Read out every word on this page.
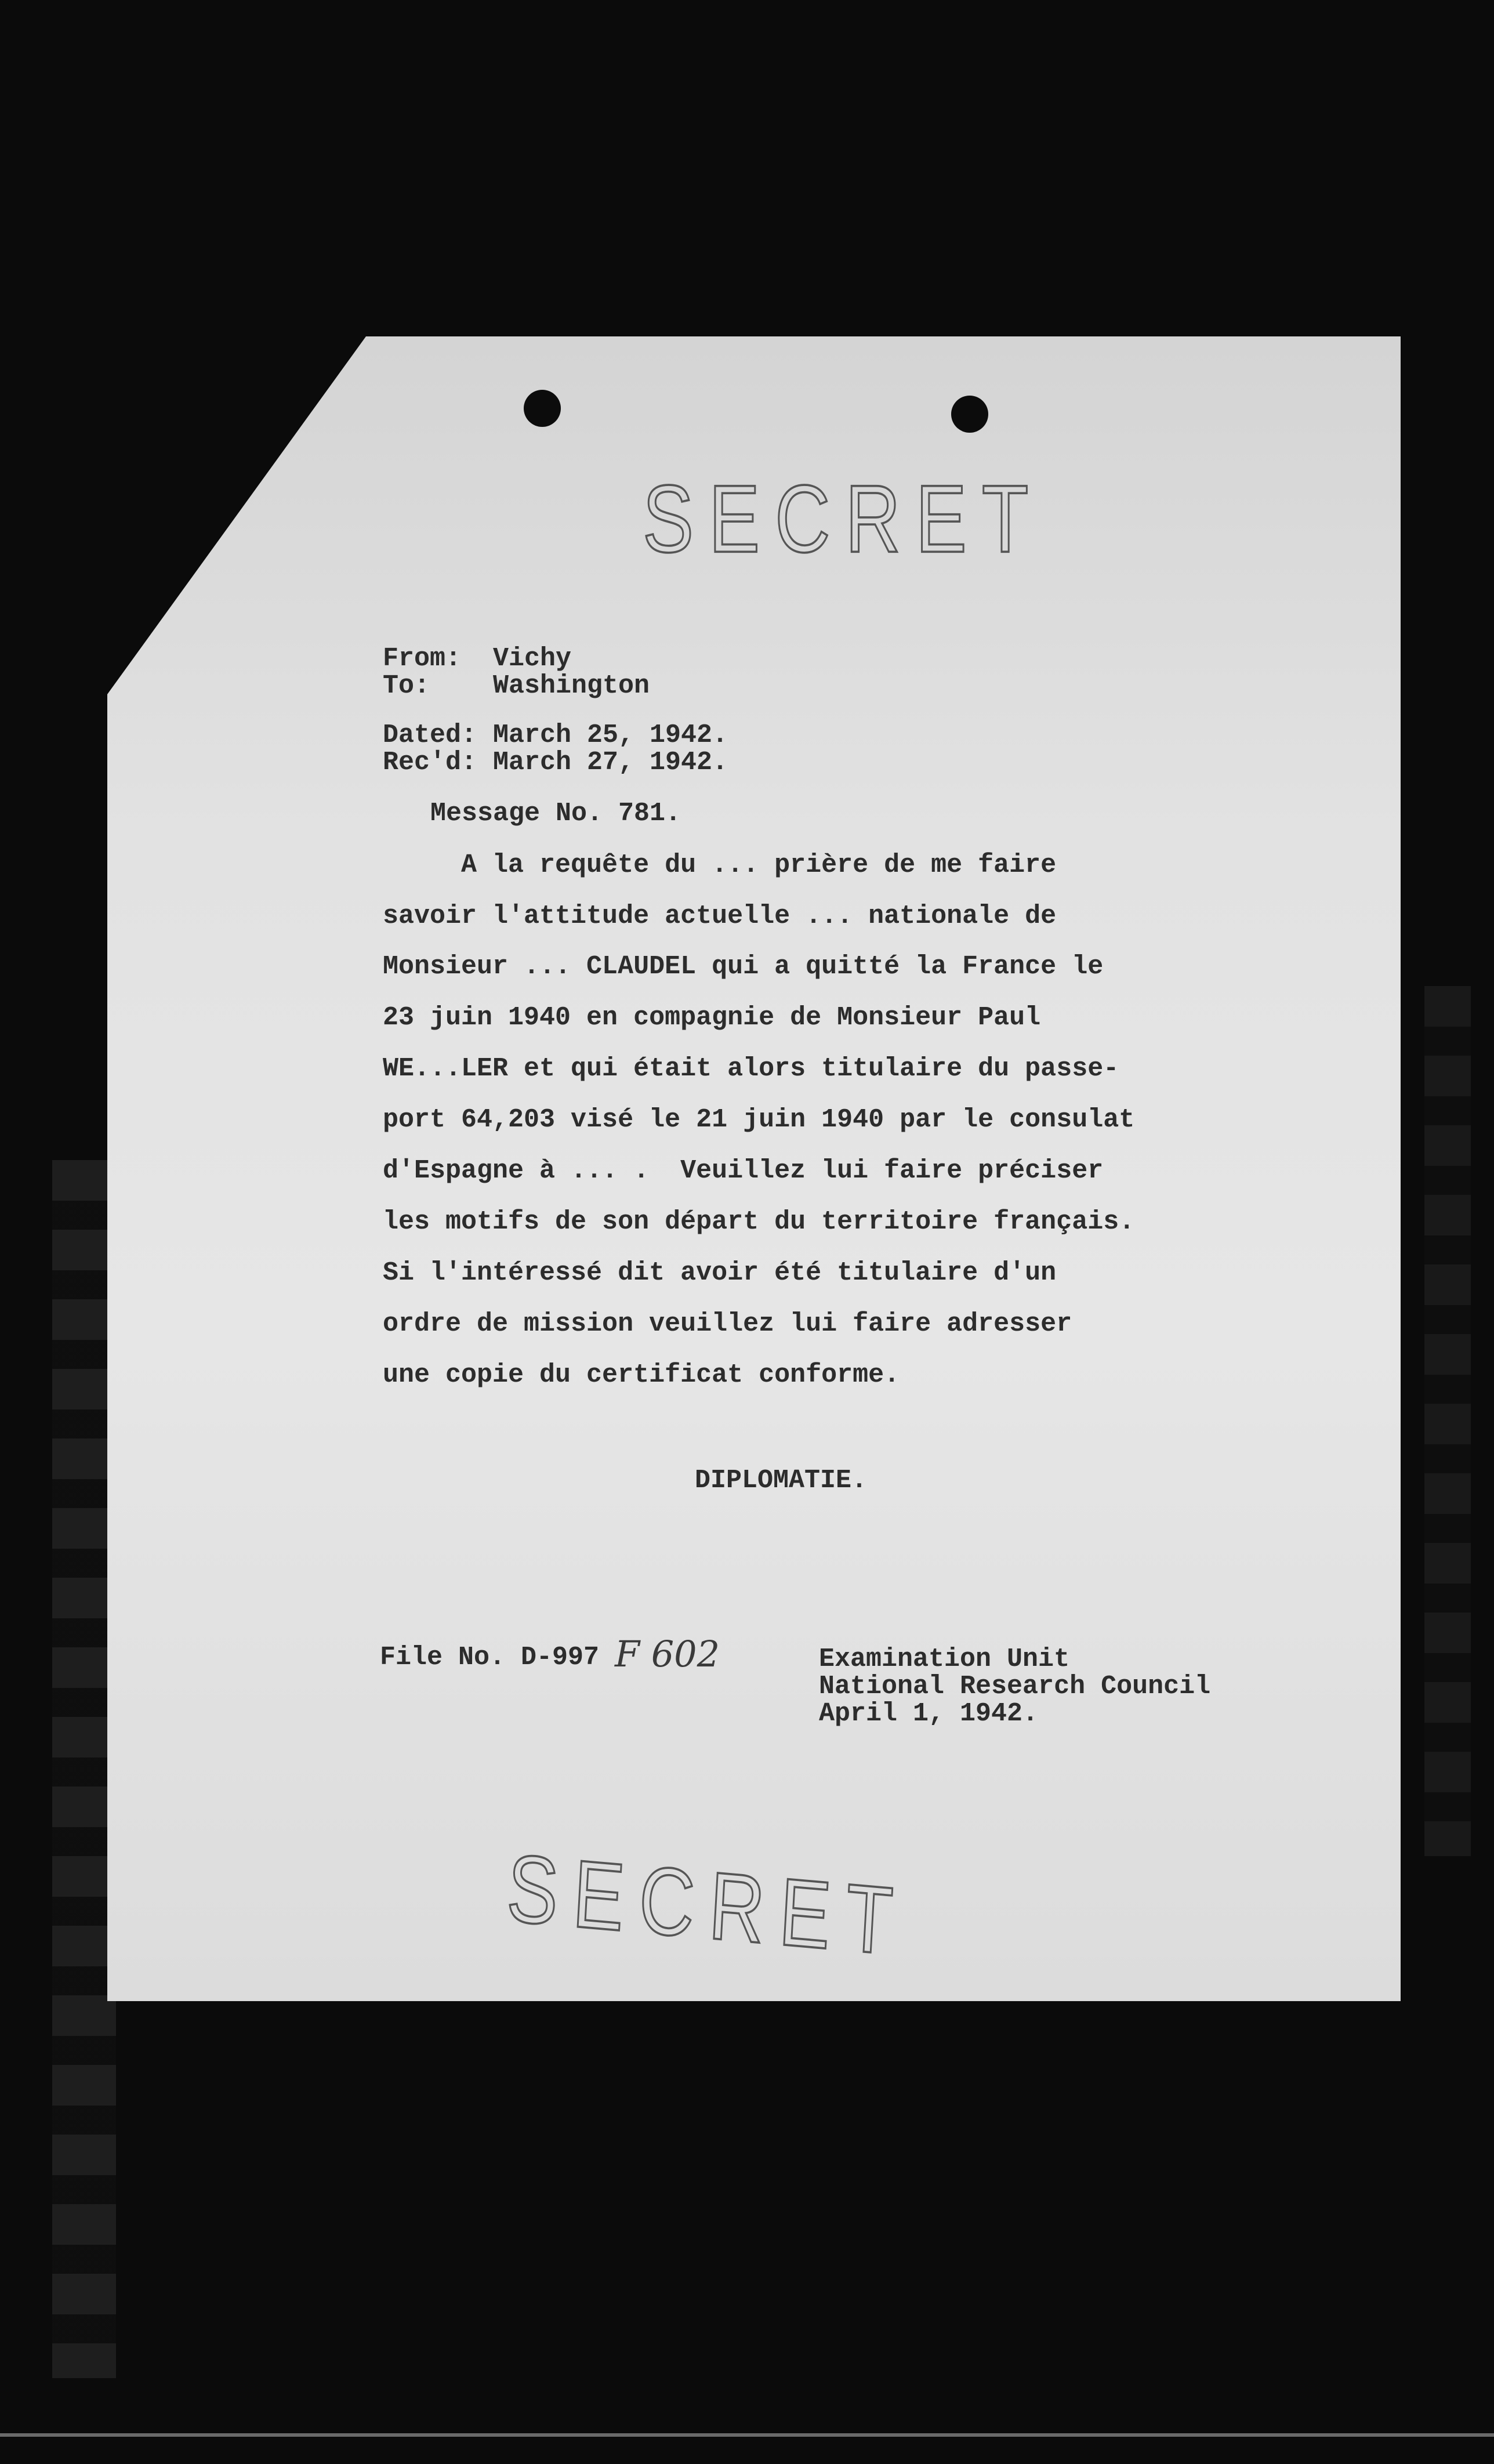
SECRET
From: Vichy
To: Washington
Dated: March 25, 1942.
Rec'd: March 27, 1942.
Message No. 781.
A la requête du ... prière de me faire
savoir l'attitude actuelle ... nationale de
Monsieur ... CLAUDEL qui a quitté la France le
23 juin 1940 en compagnie de Monsieur Paul
WE...LER et qui était alors titulaire du passe-
port 64,203 visé le 21 juin 1940 par le consulat
d'Espagne à ... .  Veuillez lui faire préciser
les motifs de son départ du territoire français.
Si l'intéressé dit avoir été titulaire d'un
ordre de mission veuillez lui faire adresser
une copie du certificat conforme.
DIPLOMATIE.
File No. D-997 F 602	Examination Unit
National Research Council
April 1, 1942.
SECRET
